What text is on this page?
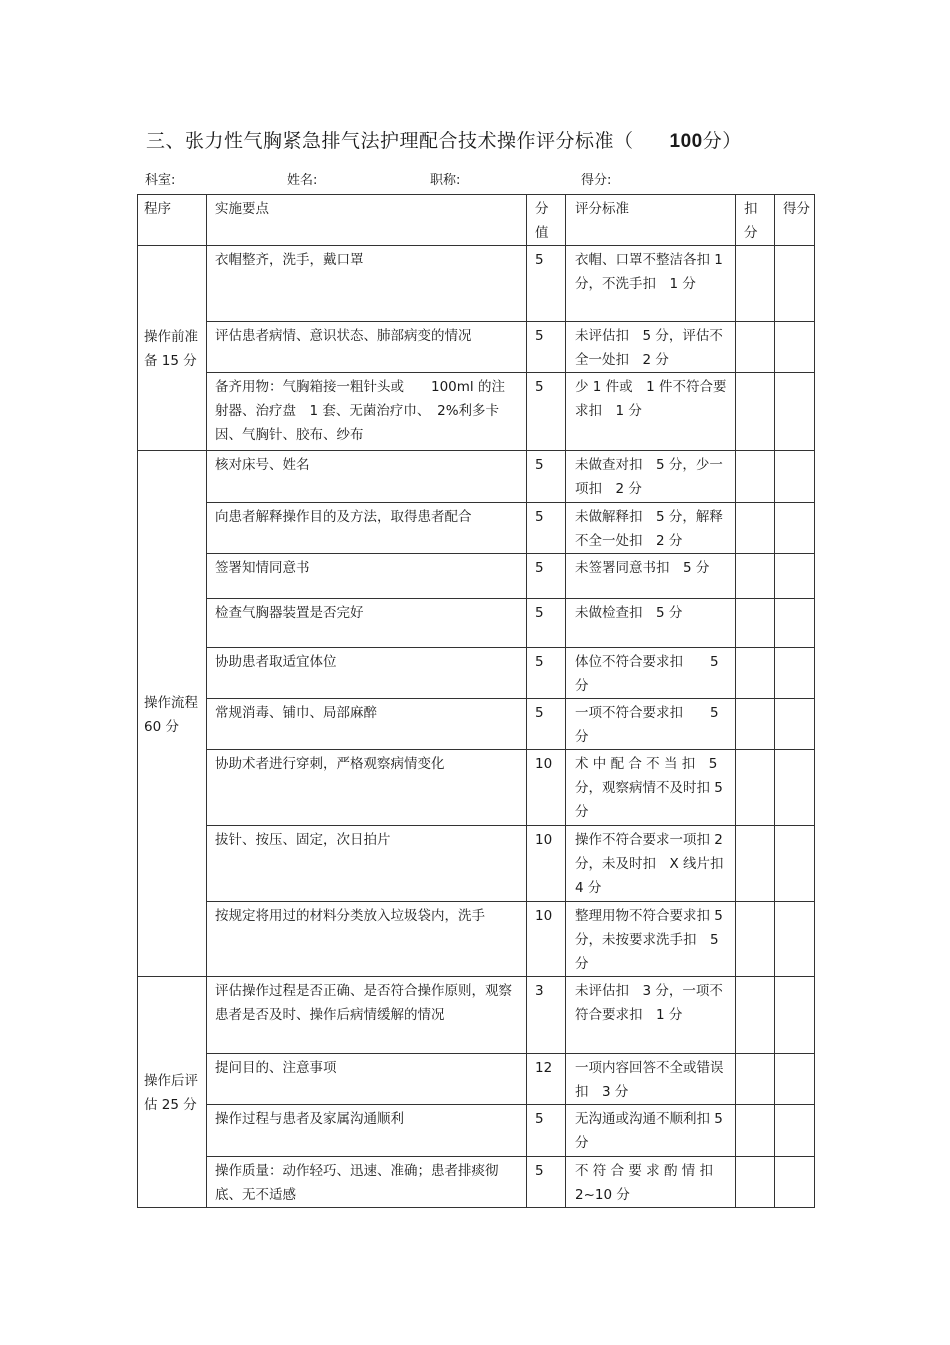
三、张力性气胸紧急排气法护理配合技术操作评分标准（ 100分）
科室:	姓名:	职称:	得分:
程序	实施要点	分值	评分标准	扣分	得分
操作前准备 15 分	衣帽整齐，洗手，戴口罩	5	衣帽、口罩不整洁各扣 1 分，不洗手扣　1 分		
	评估患者病情、意识状态、肺部病变的情况	5	未评估扣　5 分，评估不全一处扣　2 分		
	备齐用物：气胸箱接一粗针头或　　100ml 的注射器、治疗盘　1 套、无菌治疗巾、　2%利多卡因、气胸针、胶布、纱布	5	少 1 件或　1 件不符合要求扣　1 分		
操作流程　60 分	核对床号、姓名	5	未做查对扣　5 分，少一项扣　2 分		
	向患者解释操作目的及方法，取得患者配合	5	未做解释扣　5 分，解释不全一处扣　2 分		
	签署知情同意书	5	未签署同意书扣　5 分		
	检查气胸器装置是否完好	5	未做检查扣　5 分		
	协助患者取适宜体位	5	体位不符合要求扣　　5 分		
	常规消毒、铺巾、局部麻醉	5	一项不符合要求扣　　5 分		
	协助术者进行穿刺，严格观察病情变化	10	术 中 配 合 不 当 扣　5 分，观察病情不及时扣 5 分		
	拔针、按压、固定，次日拍片	10	操作不符合要求一项扣 2 分，未及时扣　X 线片扣　4 分		
	按规定将用过的材料分类放入垃圾袋内，洗手	10	整理用物不符合要求扣 5 分，未按要求洗手扣　5 分		
操作后评估 25 分	评估操作过程是否正确、是否符合操作原则，观察患者是否及时、操作后病情缓解的情况	3	未评估扣　3 分，一项不符合要求扣　1 分		
	提问目的、注意事项	12	一项内容回答不全或错误扣　3 分		
	操作过程与患者及家属沟通顺利	5	无沟通或沟通不顺利扣 5 分		
	操作质量：动作轻巧、迅速、准确；患者排痰彻底、无不适感	5	不 符 合 要 求 酌 情 扣 2~10 分		
